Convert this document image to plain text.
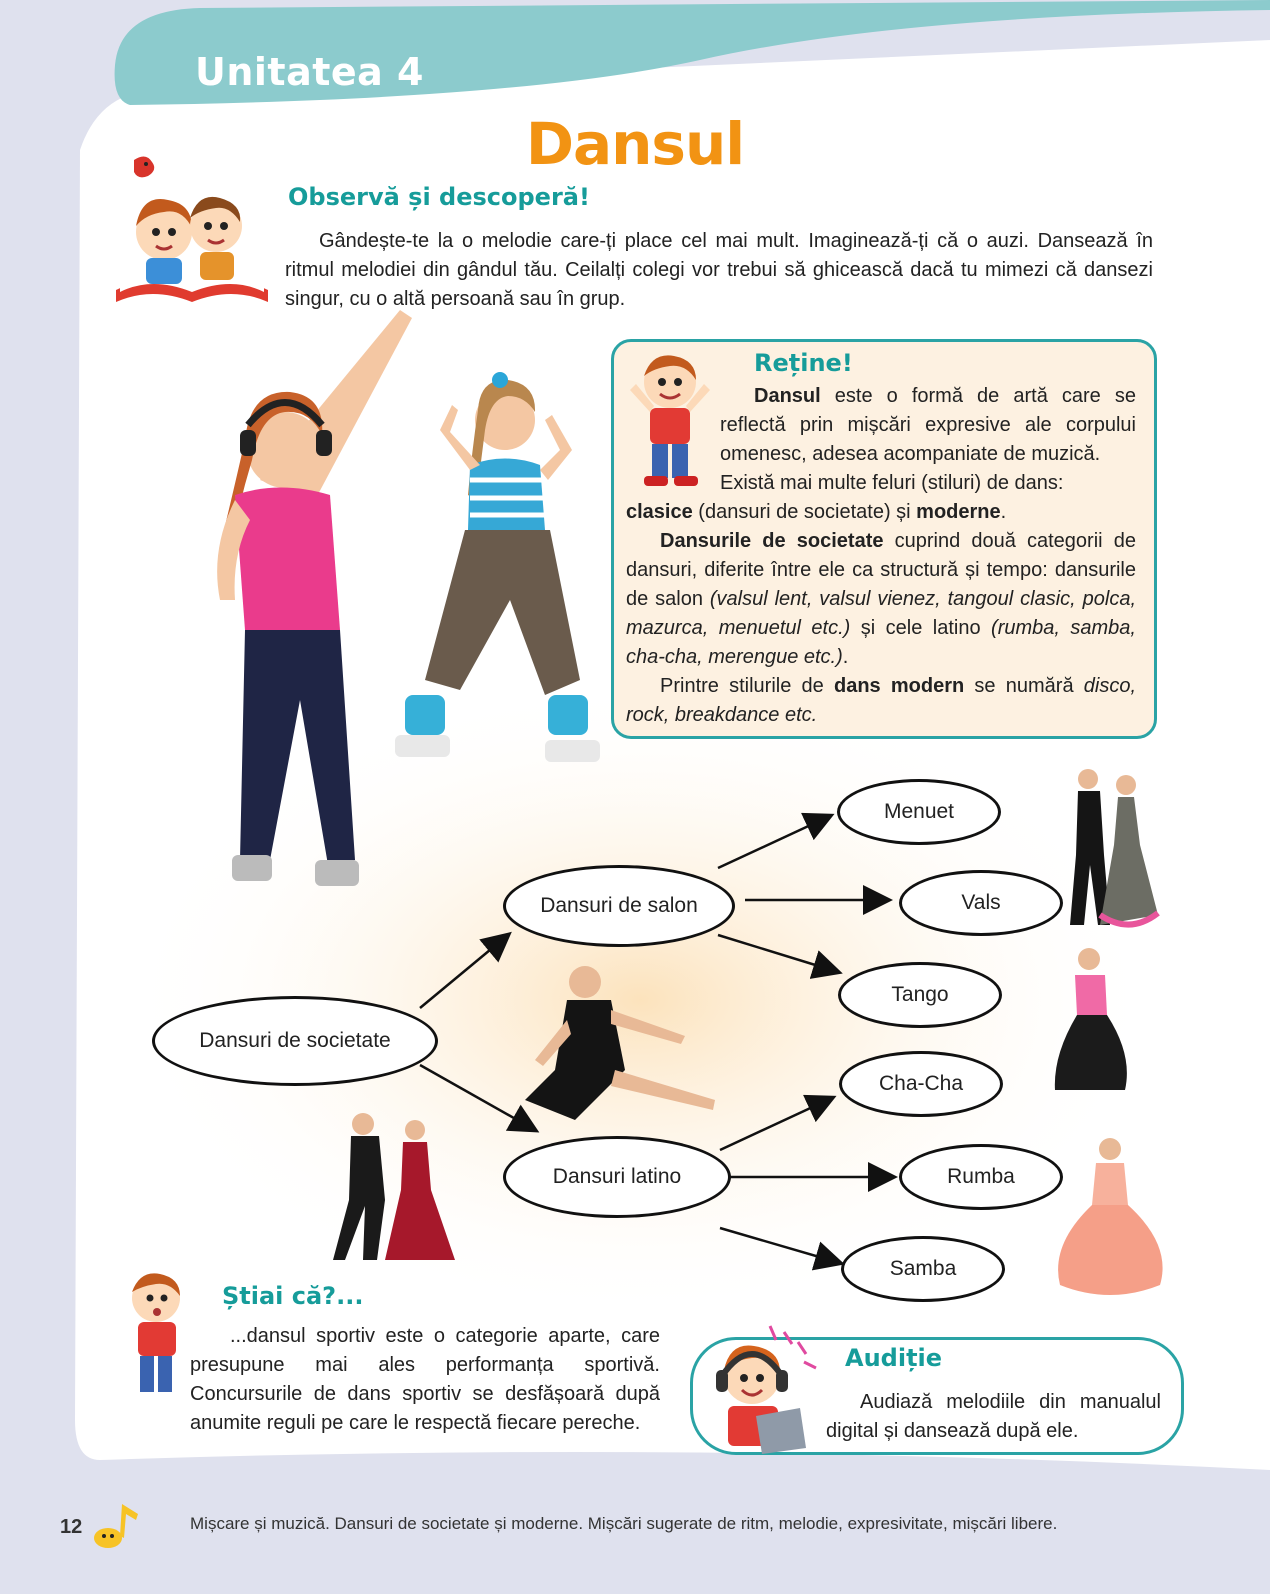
Unitatea 4
Dansul
Observă și descoperă!

Gândește-te la o melodie care-ți place cel mai mult. Imaginează-ți că o auzi. Dansează în ritmul melodiei din gândul tău. Ceilalți colegi vor trebui să ghicească dacă tu mimezi că dansezi singur, cu o altă persoană sau în grup.

Reține!

Dansul este o formă de artă care se reflectă prin mișcări expresive ale corpului omenesc, adesea acompaniate de muzică.

Există mai multe feluri (stiluri) de dans:

clasice (dansuri de societate) și moderne.

Dansurile de societate cuprind două categorii de dansuri, diferite între ele ca structură și tempo: dansurile de salon (valsul lent, valsul vienez, tangoul clasic, polca, mazurca, menuetul etc.) și cele latino (rumba, samba, cha-cha, merengue etc.).

Printre stilurile de dans modern se numără disco, rock, breakdance etc.

Dansuri de societate
Dansuri de salon
Dansuri latino
Menuet
Vals
Tango
Cha-Cha
Rumba
Samba
Știai că?...

...dansul sportiv este o categorie aparte, care presupune mai ales performanța sportivă. Concursurile de dans sportiv se desfășoară după anumite reguli pe care le respectă fiecare pereche.

Audiție

Audiază melodiile din manualul digital și dansează după ele.

12	Mișcare și muzică. Dansuri de societate și moderne. Mișcări sugerate de ritm, melodie, expresivitate, mișcări libere.
